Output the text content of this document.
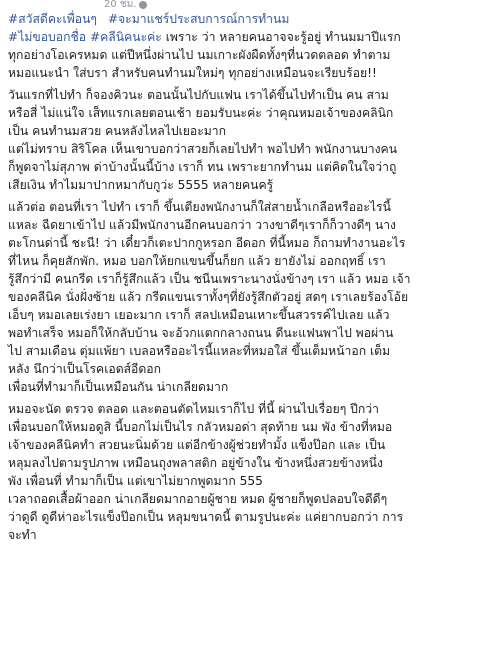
20 ชม.

#สวัสดีคะเพื่อนๆ #จะมาแชร์ประสบการณ์การทำนม

#ไม่ขอบอกชื่อ #คลีนิคนะค่ะ เพราะ ว่า หลายคนอาจจะรู้อยู่ ทำนมมาปีแรก
ทุกอย่างโอเครหมด แต่ปีหนึ่งผ่านไป นมเกาะผังผืดทั้งๆที่นวดตลอด ทำตาม
หมอแนะนำ ใส่บรา สำหรับคนทำนมใหม่ๆ ทุกอย่างเหมือนจะเรียบร้อย!!

วันแรกที่ไปทำ ก็จองคิวนะ ตอนนั้นไปกับแฟน เราได้ขึ้นไปทำเป็น คน สาม
หรือสี่ ไม่แน่ใจ เส็ทแรกเลยตอนเช้า ยอมรับนะค่ะ ว่าคุณหมอเจ้าของคลินิก
เป็น คนทำนมสวย คนหลังไหลไปเยอะมาก

แต่ไม่ทราบ สิริโคล เห็นเขาบอกว่าสวยก็เลยไปทำ พอไปทำ พนักงานบางคน
ก็พูดจาไม่สุภาพ ด่าบ้างนั้นนี้บ้าง เราก็ ทน เพราะยากทำนม แต่คิดในใจว่าถู
เสียเงิน ทำไมมาปากหมากับกูว่ะ 5555 หลายคนครู้

แล้วต่อ ตอนที่เรา ไปทำ เราก็ ขึ้นเตียงพนักงานก็ใส่สายน้ำเกลือหรืออะไรนี้
แหละ ฉีดยาเข้าไป แล้วมีพนักงานอีกคนบอกว่า วางขาดีๆเราก็ก็วางดีๆ นาง
ตะโกนด่านี้ ชะนี! ว่า เดี๋ยวก็เตะปากกูหรอก อีดอก ที่นี้หมอ ก็ถามทำงานอะไร
ที่ไหน ก็คุยสักพัก. หมอ บอกให้ยกแขนขึ้นก็ยก แล้ว ยายังไม่ ออกฤทธิ์ เรา
รู้สึกว่ามี คนกรีด เราก็รู้สึกแล้ว เป็น ชนีนเพราะนางนั่งข้างๆ เรา แล้ว หมอ เจ้า
ของคลีนิค นั่งฝั่งซ้าย แล้ว กรีดแขนเราทั้งๆที่ยังรู้สึกตัวอยู่ สดๆ เราเลยร้องโอ้ย
เอ็บๆ หมอเลยเร่งยา เยอะมาก เราก็ สลปเหมือนเหาะขึ้นสวรรค์ไปเลย แล้ว
พอทำเสร็จ หมอก็ให้กลับบ้าน จะอ้วกแตกกลางถนน ดีนะแฟนพาไป พอผ่าน
ไป สามเดือน ตุ่มแพ้ยา เบลอหรืออะไรนี้แหละที่หมอใส่ ขึ้นเต็มหน้าอก เต็ม
หลัง นึกว่าเป็นโรคเอดส์อีดอก
เพื่อนที่ทำมาก็เป็นเหมือนกัน น่าเกลียดมาก

หมอจะนัด ตรวจ ตลอด และตอนตัดไหมเราก็ไป ที่นี้ ผ่านไปเรื่อยๆ ปีกว่า
เพื่อนบอกให้หมอดูสิ นี้บอกไม่เป็นไร กลัวหมอด่า สุดท้าย นม พัง ข้างที่หมอ
เจ้าของคลีนิคทำ สวยนะนิ่มด้วย แต่อีกข้างผู้ช่วยทำมั้ง แข็งป๊อก และ เป็น
หลุมลงไปตามรูปภาพ เหมือนถุงพลาสติก อยู่ข้างใน ข้างหนึ่งสวยข้างหนึ่ง
พัง เพื่อนที่ ทำมาก็เป็น แต่เขาไม่ยากพูดมาก 555
เวลาถอดเสื้อผ้าออก น่าเกลียดมากอายผู้ชาย หมด ผู้ชายก็พูดปลอบใจดีดีๆ
ว่าดูดี ดูดีห่าอะไรแข็งป๊อกเป็น หลุมขนาดนี้ ตามรูปนะค่ะ แค่ยากบอกว่า การ
จะทำ
